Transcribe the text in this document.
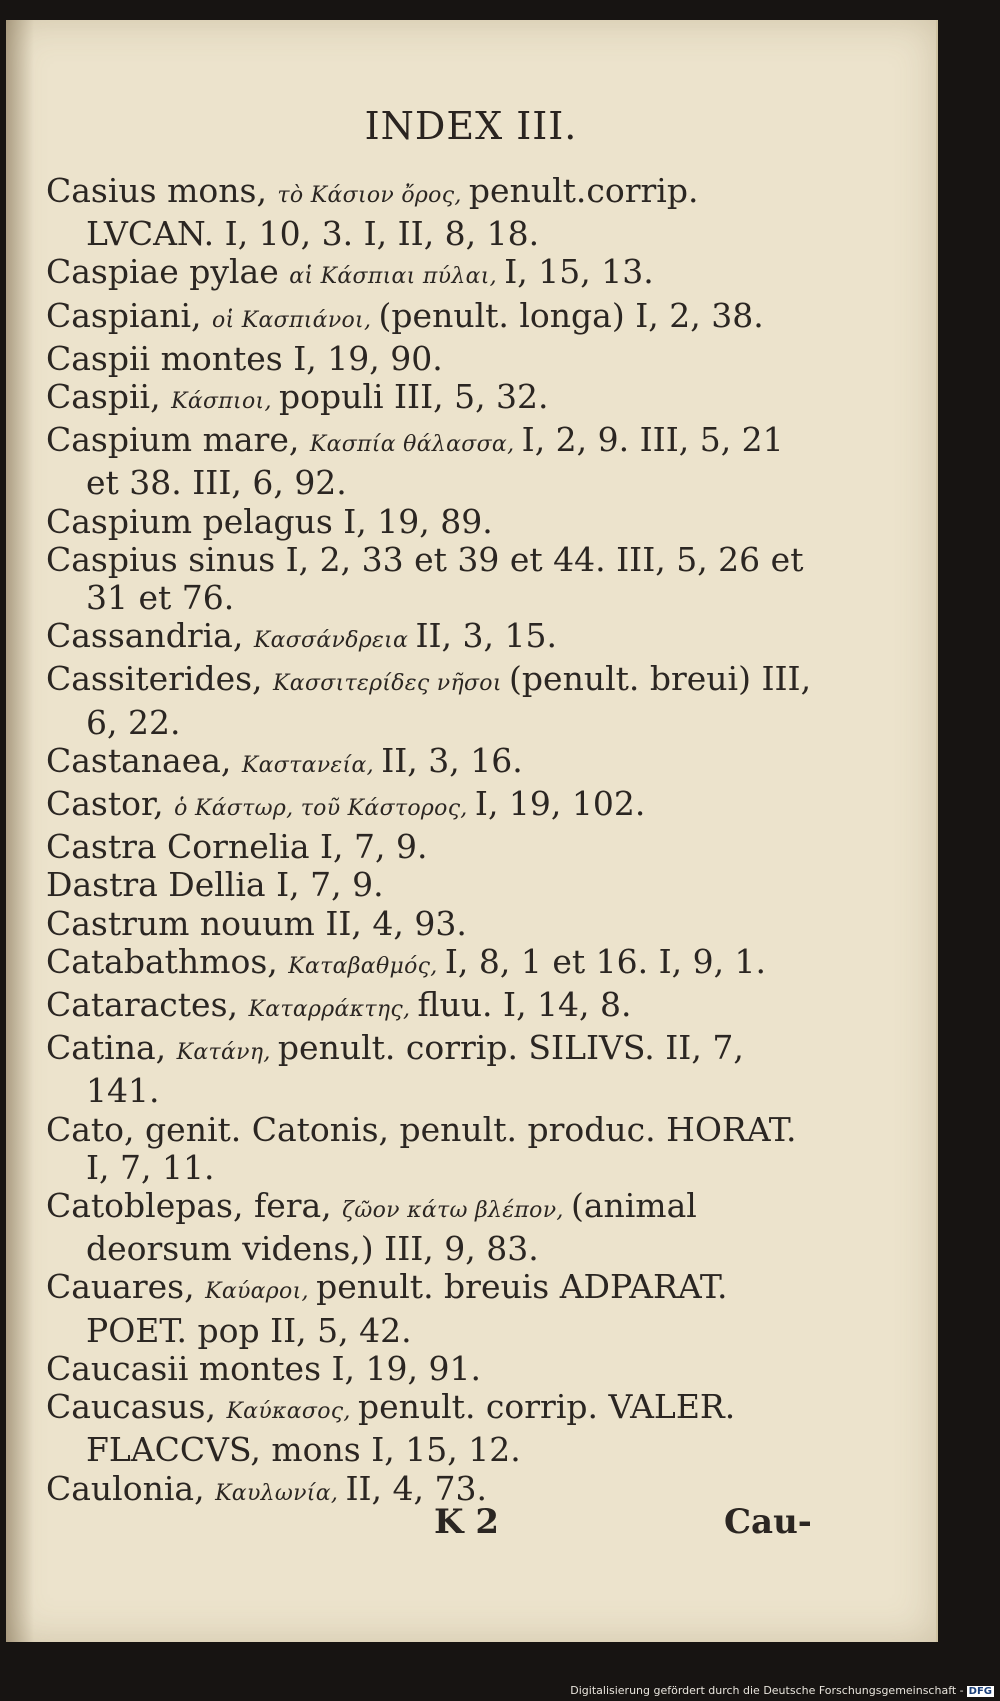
INDEX III.

Casius mons, τὸ Κάσιον ὄρος, penult.corrip. LVCAN. I, 10, 3. I, II, 8, 18.

Caspiae pylae αἱ Κάσπιαι πύλαι, I, 15, 13.

Caspiani, οἱ Κασπιάνοι, (penult. longa) I, 2, 38.

Caspii montes I, 19, 90.

Caspii, Κάσπιοι, populi III, 5, 32.

Caspium mare, Κασπία θάλασσα, I, 2, 9. III, 5, 21 et 38. III, 6, 92.

Caspium pelagus I, 19, 89.

Caspius sinus I, 2, 33 et 39 et 44. III, 5, 26 et 31 et 76.

Cassandria, Κασσάνδρεια II, 3, 15.

Cassiterides, Κασσιτερίδες νῆσοι (penult. breui) III, 6, 22.

Castanaea, Καστανεία, II, 3, 16.

Castor, ὁ Κάστωρ, τοῦ Κάστορος, I, 19, 102.

Castra Cornelia I, 7, 9.

Dastra Dellia I, 7, 9.

Castrum nouum II, 4, 93.

Catabathmos, Καταβαθμός, I, 8, 1 et 16. I, 9, 1.

Cataractes, Καταρράκτης, fluu. I, 14, 8.

Catina, Κατάνη, penult. corrip. SILIVS. II, 7, 141.

Cato, genit. Catonis, penult. produc. HORAT. I, 7, 11.

Catoblepas, fera, ζῶον κάτω βλέπον, (animal deorsum videns,) III, 9, 83.

Cauares, Καύαροι, penult. breuis ADPARAT. POET. pop II, 5, 42.

Caucasii montes I, 19, 91.

Caucasus, Καύκασος, penult. corrip. VALER. FLACCVS, mons I, 15, 12.

Caulonia, Καυλωνία, II, 4, 73.

K 2	Cau-
Digitalisierung gefördert durch die Deutsche Forschungsgemeinschaft - DFG
